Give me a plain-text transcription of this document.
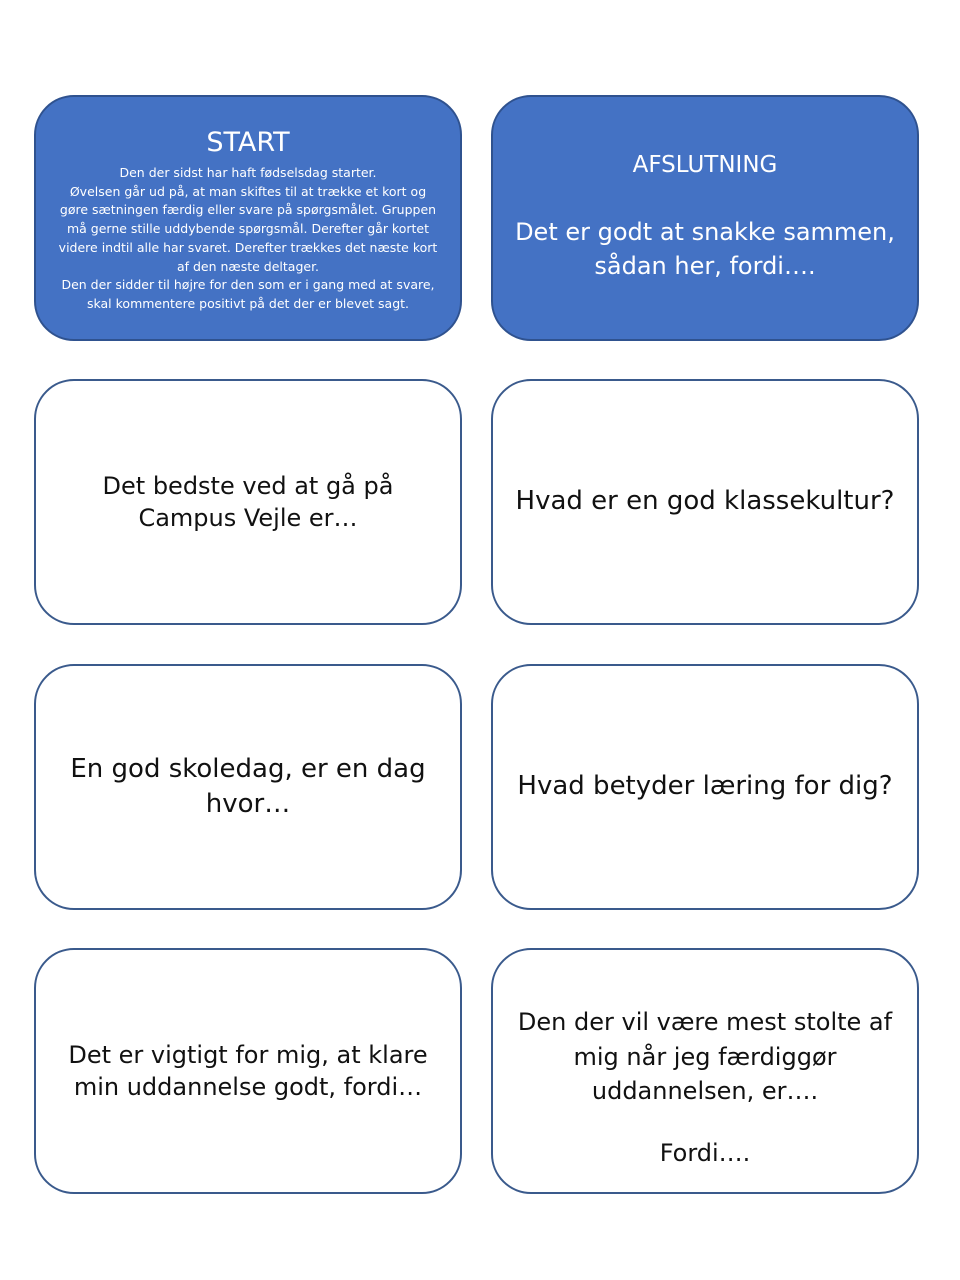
START

Den der sidst har haft fødselsdag starter.

Øvelsen går ud på, at man skiftes til at trække et kort og gøre sætningen færdig eller svare på spørgsmålet. Gruppen må gerne stille uddybende spørgsmål. Derefter går kortet videre indtil alle har svaret. Derefter trækkes det næste kort af den næste deltager.

Den der sidder til højre for den som er i gang med at svare, skal kommentere positivt på det der er blevet sagt.

AFSLUTNING
Det er godt at snakke sammen, sådan her, fordi….
Det bedste ved at gå på Campus Vejle er…
Hvad er en god klassekultur?
En god skoledag, er en dag hvor…
Hvad betyder læring for dig?
Det er vigtigt for mig, at klare min uddannelse godt, fordi…
Den der vil være mest stolte af mig når jeg færdiggør uddannelsen, er….
Fordi….
